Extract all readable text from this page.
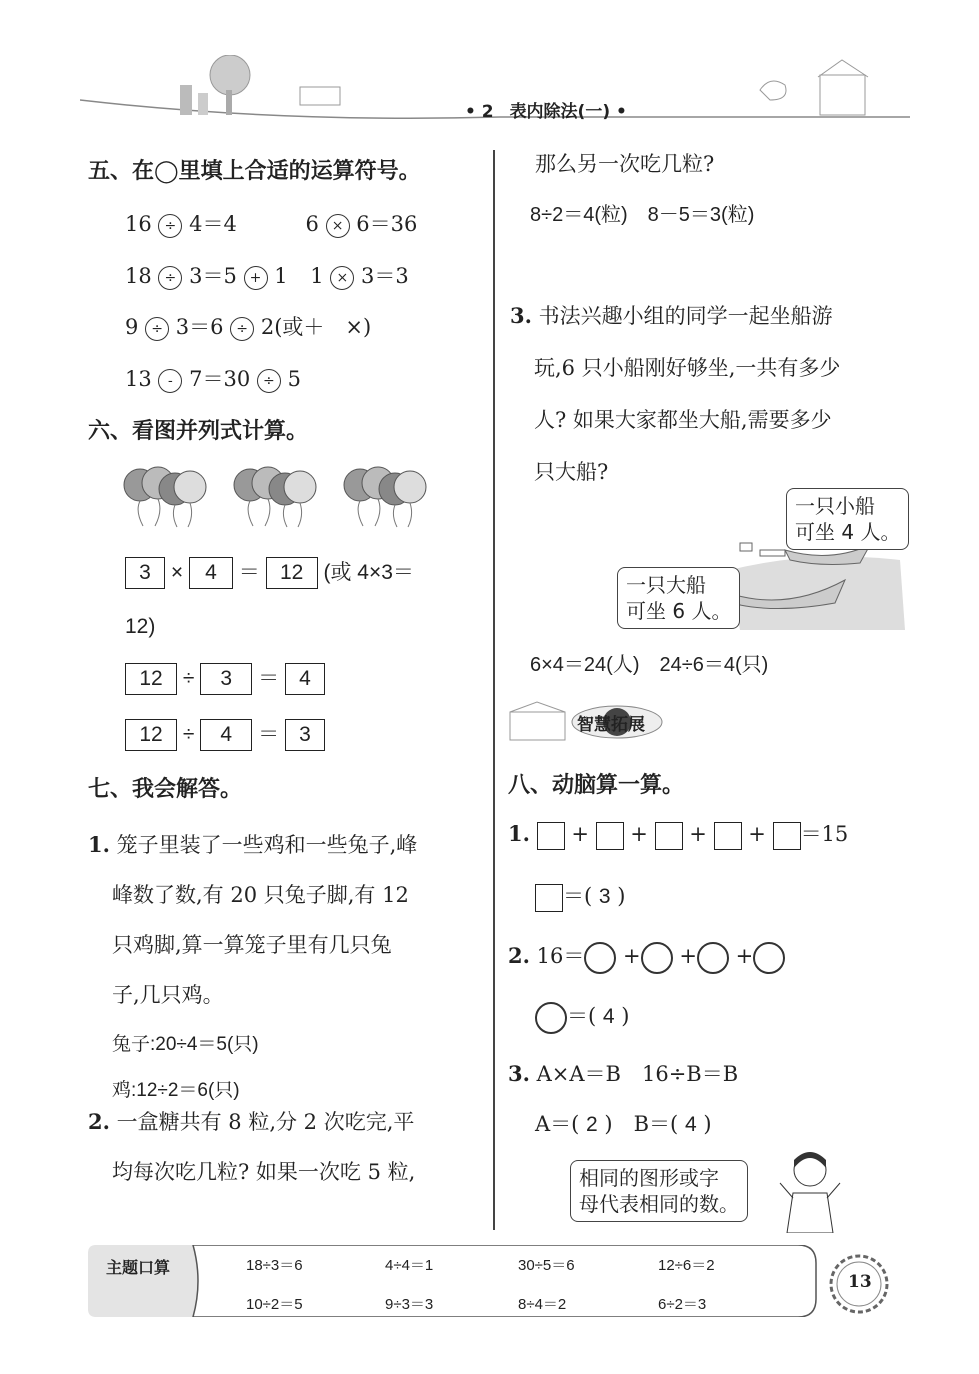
• 2 表内除法(一) •
五、在◯里填上合适的运算符号。
16 ÷ 4＝4	6 × 6＝36
18 ÷ 3＝5 + 1 1 × 3＝3
9 ÷ 3＝6 ÷ 2(或＋　×)
13 - 7＝30 ÷ 5
六、看图并列式计算。
3 × 4 ＝ 12 (或 4×3＝
12)
12 ÷ 3 ＝ 4
12 ÷ 4 ＝ 3
七、我会解答。
1. 笼子里装了一些鸡和一些兔子,峰
峰数了数,有 20 只兔子脚,有 12
只鸡脚,算一算笼子里有几只兔
子,几只鸡。
兔子:20÷4＝5(只)
鸡:12÷2＝6(只)
2. 一盒糖共有 8 粒,分 2 次吃完,平
均每次吃几粒? 如果一次吃 5 粒,
那么另一次吃几粒?
8÷2＝4(粒)　8－5＝3(粒)
3. 书法兴趣小组的同学一起坐船游
玩,6 只小船刚好够坐,一共有多少
人? 如果大家都坐大船,需要多少
只大船?
一只小船
可坐 4 人。
一只大船
可坐 6 人。
6×4＝24(人)　24÷6＝4(只)
智慧拓展
八、动脑算一算。
1. + + + + ＝15
＝( 3 )
2. 16＝ + + +
＝( 4 )
3. A×A＝B　16÷B＝B
A＝( 2 )　B＝( 4 )
相同的图形或字
母代表相同的数。
主题口算	18÷3＝6	4÷4＝1	30÷5＝6	12÷6＝2
10÷2＝5	9÷3＝3	8÷4＝2	6÷2＝3
13
